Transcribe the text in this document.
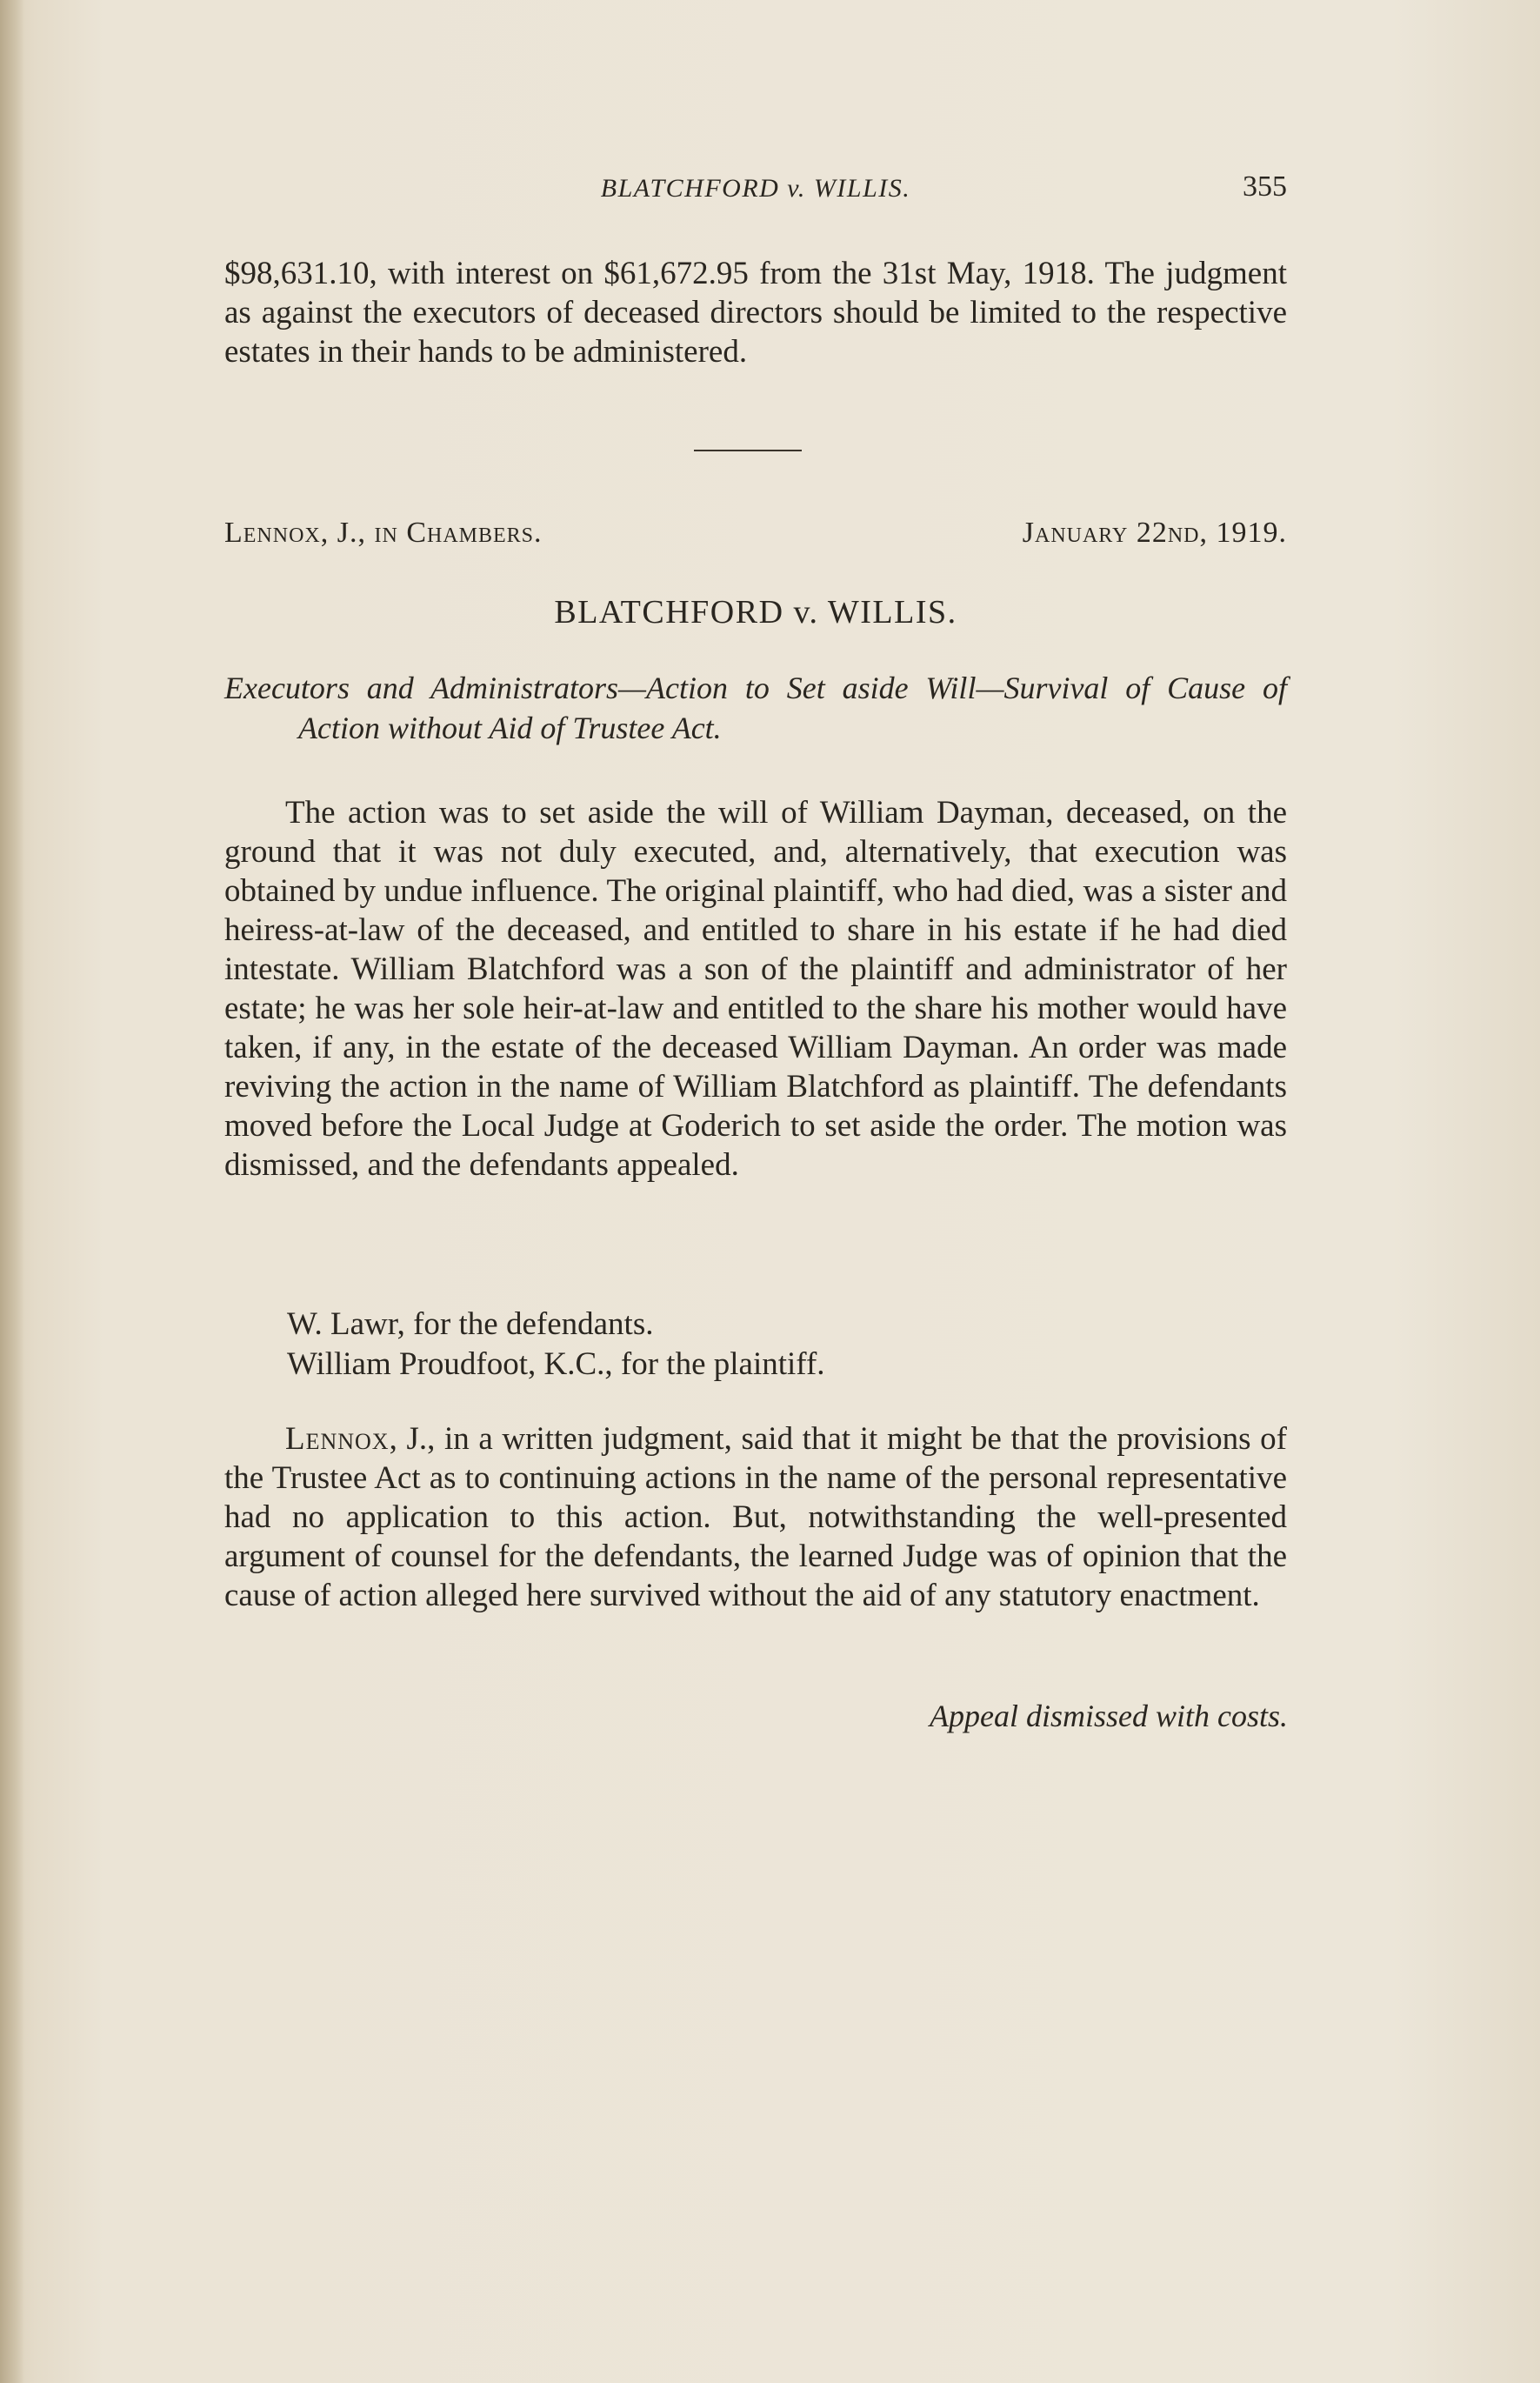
BLATCHFORD v. WILLIS.	355

$98,631.10, with interest on $61,672.95 from the 31st May, 1918. The judgment as against the executors of deceased directors should be limited to the respective estates in their hands to be administered.

Lennox, J., in Chambers.	January 22nd, 1919.
BLATCHFORD v. WILLIS.
Executors and Administrators—Action to Set aside Will—Survival of Cause of Action without Aid of Trustee Act.

The action was to set aside the will of William Dayman, deceased, on the ground that it was not duly executed, and, alternatively, that execution was obtained by undue influence. The original plaintiff, who had died, was a sister and heiress-at-law of the deceased, and entitled to share in his estate if he had died intestate. William Blatchford was a son of the plaintiff and administrator of her estate; he was her sole heir-at-law and entitled to the share his mother would have taken, if any, in the estate of the deceased William Dayman. An order was made reviving the action in the name of William Blatchford as plaintiff. The defendants moved before the Local Judge at Goderich to set aside the order. The motion was dismissed, and the defendants appealed.

W. Lawr, for the defendants.
William Proudfoot, K.C., for the plaintiff.

Lennox, J., in a written judgment, said that it might be that the provisions of the Trustee Act as to continuing actions in the name of the personal representative had no application to this action. But, notwithstanding the well-presented argument of counsel for the defendants, the learned Judge was of opinion that the cause of action alleged here survived without the aid of any statutory enactment.

Appeal dismissed with costs.
